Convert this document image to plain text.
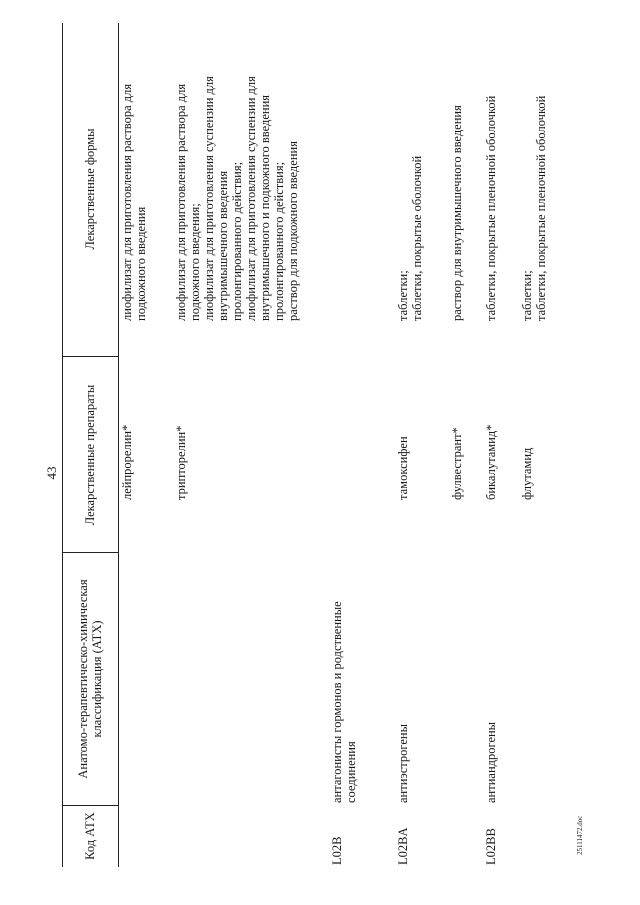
43
25111472.doc
Код АТХ
Анатомо-терапевтическо-химическая классификация (АТХ)
Лекарственные препараты
Лекарственные формы
лейпрорелин*
лиофилизат для приготовления раствора для
подкожного введения
трипторелин*
лиофилизат для приготовления раствора для
подкожного введения;
лиофилизат для приготовления суспензии для
внутримышечного введения
пролонгированного действия;
лиофилизат для приготовления суспензии для
внутримышечного и подкожного введения
пролонгированного действия;
раствор для подкожного введения
L02B
антагонисты гормонов и родственные
соединения
L02BA
антиэстрогены
тамоксифен
таблетки;
таблетки, покрытые оболочкой
фулвестрант*
раствор для внутримышечного введения
L02BB
антиандрогены
бикалутамид*
таблетки, покрытые пленочной оболочкой
флутамид
таблетки;
таблетки, покрытые пленочной оболочкой
